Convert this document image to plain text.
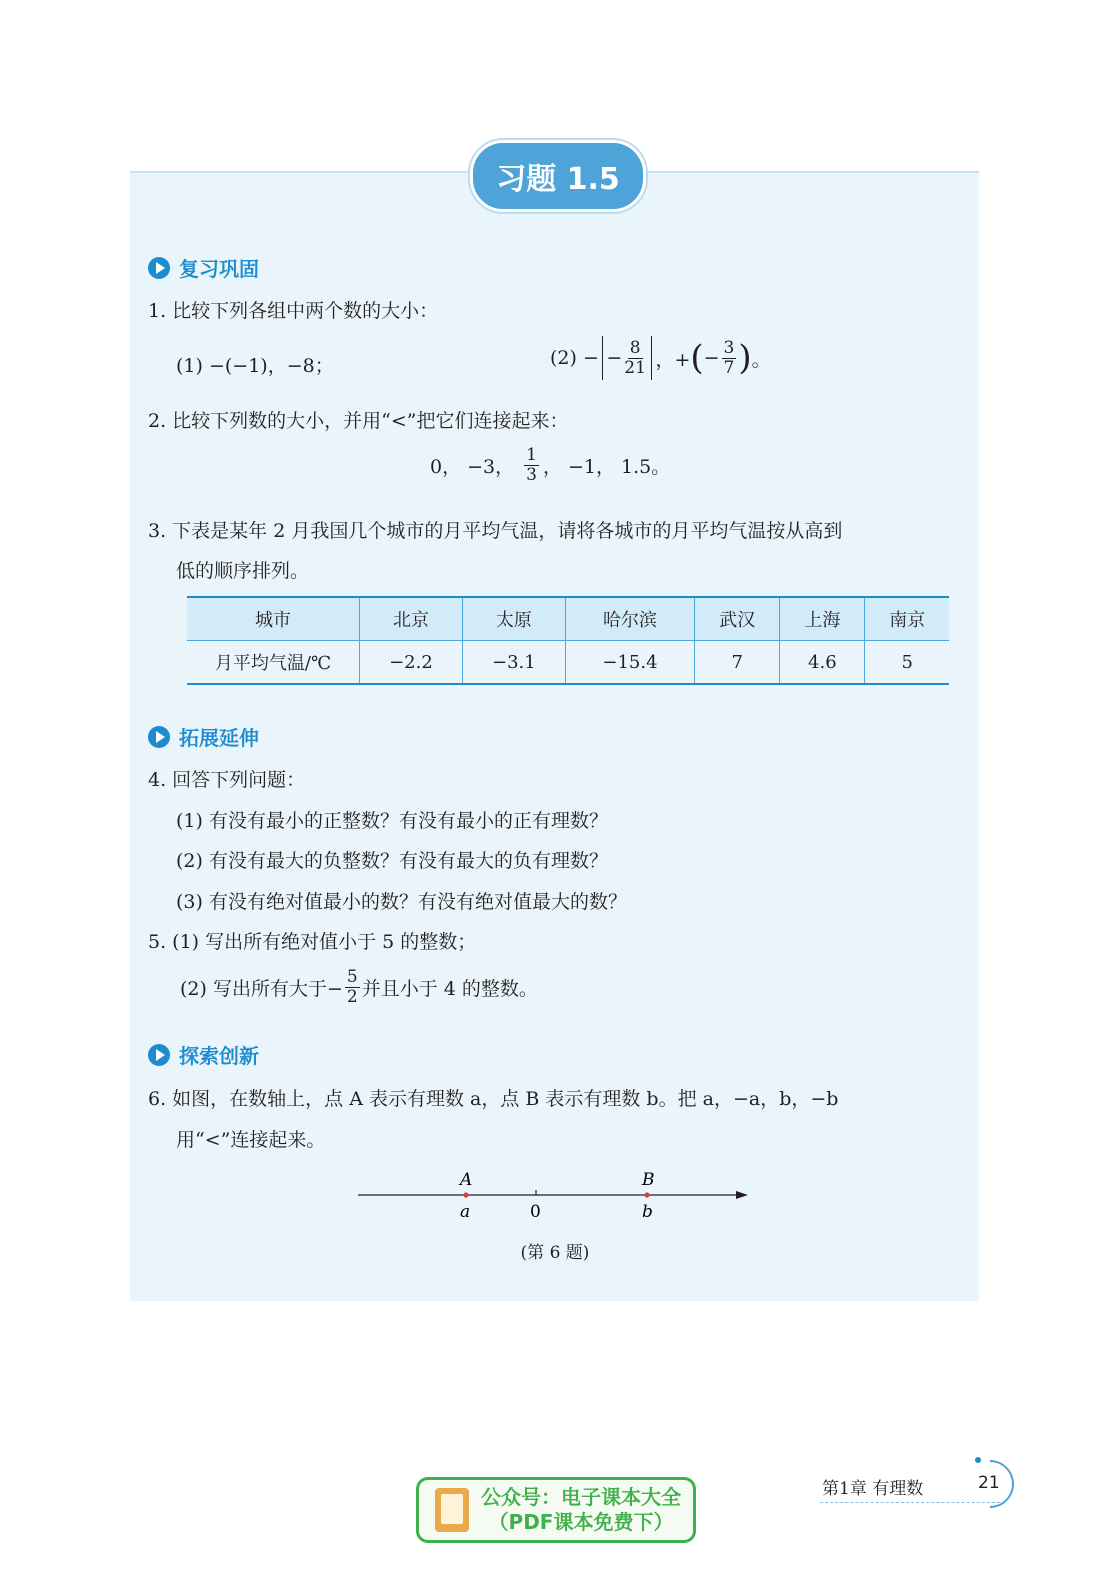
习题 1.5
复习巩固
1. 比较下列各组中两个数的大小：
(1) −(−1)，−8；	(2) − − $\frac{8}{21}$ ，+ ( − $\frac{3}{7}$ ) 。
2. 比较下列数的大小，并用“<”把它们连接起来：
0， −3， $\frac{1}{3}$ ， −1， 1.5。
3. 下表是某年 2 月我国几个城市的月平均气温，请将各城市的月平均气温按从高到
低的顺序排列。
城市	北京	太原	哈尔滨	武汉	上海	南京
月平均气温/℃	−2.2	−3.1	−15.4	7	4.6	5
拓展延伸
4. 回答下列问题：
(1) 有没有最小的正整数？有没有最小的正有理数？
(2) 有没有最大的负整数？有没有最大的负有理数？
(3) 有没有绝对值最小的数？有没有绝对值最大的数？
5. (1) 写出所有绝对值小于 5 的整数；
(2) 写出所有大于− $\frac{5}{2}$ 并且小于 4 的整数。
探索创新
6. 如图，在数轴上，点 A 表示有理数 a，点 B 表示有理数 b。把 a，−a，b，−b
用“<”连接起来。
A	B
a	0	b
(第 6 题)
第1章 有理数	21
公众号：电子课本大全
（PDF课本免费下）
